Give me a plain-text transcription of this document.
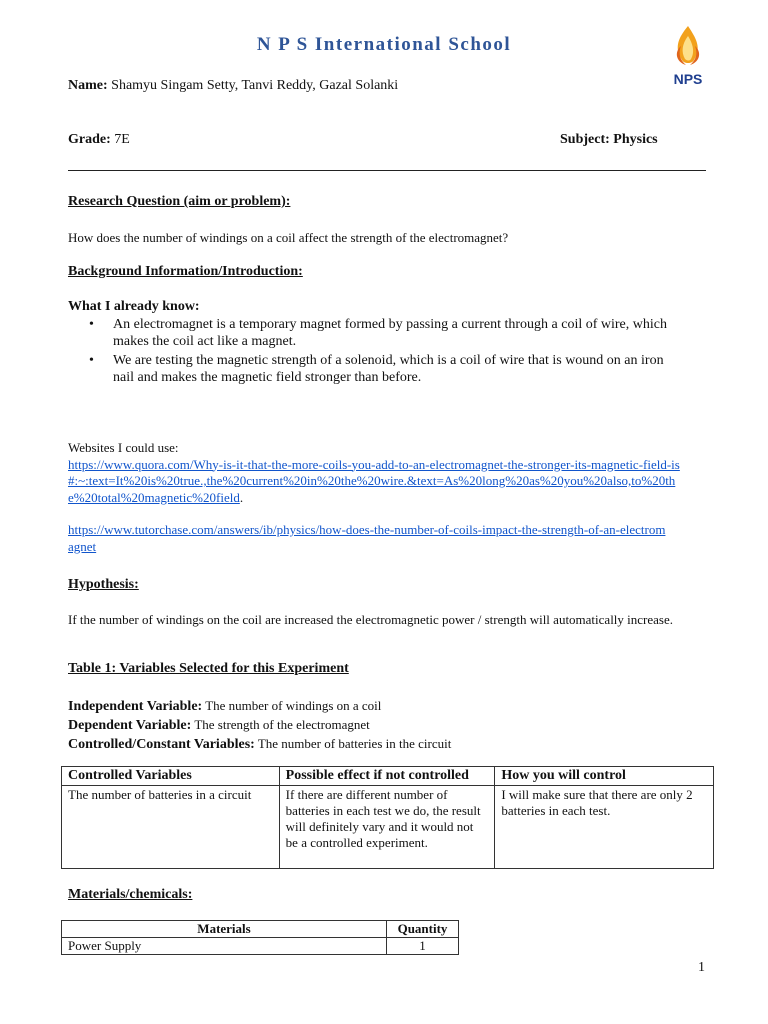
N P S International School
NPS
Name: Shamyu Singam Setty, Tanvi Reddy, Gazal Solanki
Grade: 7E	Subject: Physics
Research Question (aim or problem):
How does the number of windings on a coil affect the strength of the electromagnet?
Background Information/Introduction:
What I already know:
• An electromagnet is a temporary magnet formed by passing a current through a coil of wire, which makes the coil act like a magnet.
• We are testing the magnetic strength of a solenoid, which is a coil of wire that is wound on an iron nail and makes the magnetic field stronger than before.
Websites I could use:
https://www.quora.com/Why-is-it-that-the-more-coils-you-add-to-an-electromagnet-the-stronger-its-magnetic-field-is#:~:text=It%20is%20true.,the%20current%20in%20the%20wire.&text=As%20long%20as%20you%20also,to%20the%20total%20magnetic%20field.
https://www.tutorchase.com/answers/ib/physics/how-does-the-number-of-coils-impact-the-strength-of-an-electromagnet
Hypothesis:
If the number of windings on the coil are increased the electromagnetic power / strength will automatically increase.
Table 1: Variables Selected for this Experiment
Independent Variable: The number of windings on a coil
Dependent Variable: The strength of the electromagnet
Controlled/Constant Variables: The number of batteries in the circuit
Controlled Variables	Possible effect if not controlled	How you will control
The number of batteries in a circuit	If there are different number of batteries in each test we do, the result will definitely vary and it would not be a controlled experiment.	I will make sure that there are only 2 batteries in each test.
Materials/chemicals:
Materials	Quantity
Power Supply	1
1
